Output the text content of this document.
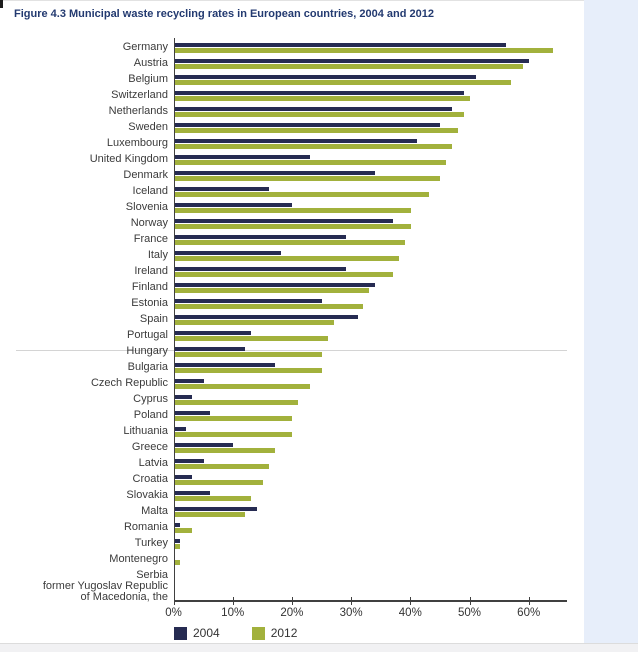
Figure 4.3 Municipal waste recycling rates in European countries, 2004 and 2012
Germany
Austria
Belgium
Switzerland
Netherlands
Sweden
Luxembourg
United Kingdom
Denmark
Iceland
Slovenia
Norway
France
Italy
Ireland
Finland
Estonia
Spain
Portugal
Hungary
Bulgaria
Czech Republic
Cyprus
Poland
Lithuania
Greece
Latvia
Croatia
Slovakia
Malta
Romania
Turkey
Montenegro
Serbia
former Yugoslav Republic
of Macedonia, the
0%	10%	20%	30%	40%	50%	60%
2004	2012
